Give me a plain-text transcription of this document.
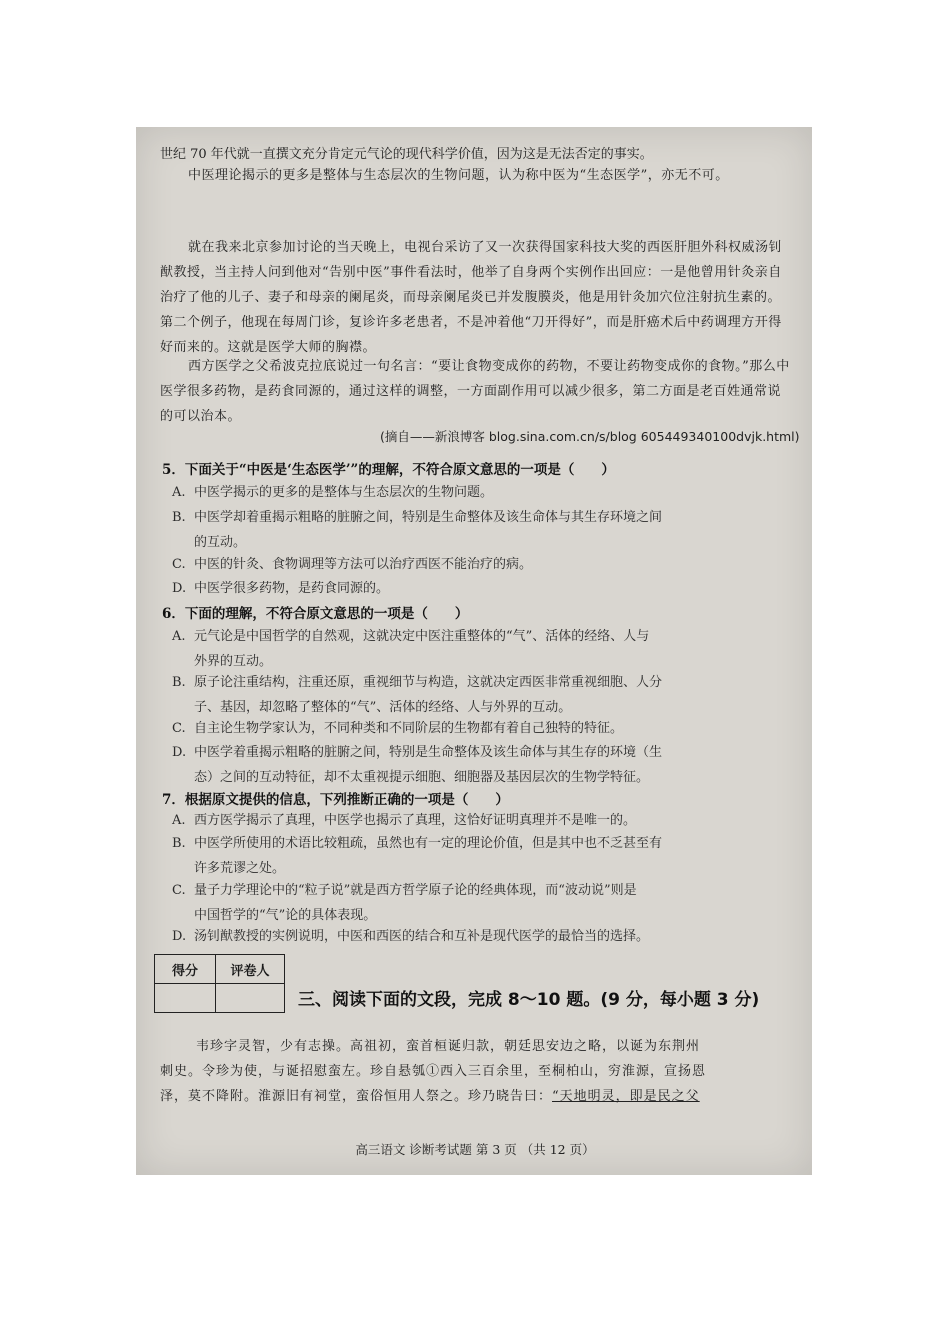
世纪 70 年代就一直撰文充分肯定元气论的现代科学价值，因为这是无法否定的事实。
中医理论揭示的更多是整体与生态层次的生物问题，认为称中医为“生态医学”，亦无不可。
就在我来北京参加讨论的当天晚上，电视台采访了又一次获得国家科技大奖的西医肝胆外科权威汤钊猷教授，当主持人问到他对“告别中医”事件看法时，他举了自身两个实例作出回应：一是他曾用针灸亲自治疗了他的儿子、妻子和母亲的阑尾炎，而母亲阑尾炎已并发腹膜炎，他是用针灸加穴位注射抗生素的。第二个例子，他现在每周门诊，复诊许多老患者，不是冲着他“刀开得好”，而是肝癌术后中药调理方开得好而来的。这就是医学大师的胸襟。
西方医学之父希波克拉底说过一句名言：“要让食物变成你的药物，不要让药物变成你的食物。”那么中医学很多药物，是药食同源的，通过这样的调整，一方面副作用可以减少很多，第二方面是老百姓通常说的可以治本。
(摘自——新浪博客 blog.sina.com.cn/s/blog 605449340100dvjk.html)
5．下面关于“中医是‘生态医学’”的理解，不符合原文意思的一项是（　　）
A. 中医学揭示的更多的是整体与生态层次的生物问题。
B. 中医学却着重揭示粗略的脏腑之间，特别是生命整体及该生命体与其生存环境之间
的互动。
C. 中医的针灸、食物调理等方法可以治疗西医不能治疗的病。
D. 中医学很多药物，是药食同源的。
6．下面的理解，不符合原文意思的一项是（　　）
A. 元气论是中国哲学的自然观，这就决定中医注重整体的“气”、活体的经络、人与
外界的互动。
B. 原子论注重结构，注重还原，重视细节与构造，这就决定西医非常重视细胞、人分
子、基因，却忽略了整体的“气”、活体的经络、人与外界的互动。
C. 自主论生物学家认为，不同种类和不同阶层的生物都有着自己独特的特征。
D. 中医学着重揭示粗略的脏腑之间，特别是生命整体及该生命体与其生存的环境（生
态）之间的互动特征，却不太重视提示细胞、细胞器及基因层次的生物学特征。
7．根据原文提供的信息，下列推断正确的一项是（　　）
A. 西方医学揭示了真理，中医学也揭示了真理，这恰好证明真理并不是唯一的。
B. 中医学所使用的术语比较粗疏，虽然也有一定的理论价值，但是其中也不乏甚至有
许多荒谬之处。
C. 量子力学理论中的“粒子说”就是西方哲学原子论的经典体现，而“波动说”则是
中国哲学的“气”论的具体表现。
D. 汤钊猷教授的实例说明，中医和西医的结合和互补是现代医学的最恰当的选择。
得分	评卷人

三、阅读下面的文段，完成 8～10 题。(9 分，每小题 3 分)
韦珍字灵智，少有志操。高祖初，蛮首桓诞归款，朝廷思安边之略，以诞为东荆州
刺史。令珍为使，与诞招慰蛮左。珍自悬瓠①西入三百余里，至桐柏山，穷淮源，宣扬恩
泽，莫不降附。淮源旧有祠堂，蛮俗恒用人祭之。珍乃晓告曰：“天地明灵，即是民之父
高三语文 诊断考试题 第 3 页 （共 12 页）
